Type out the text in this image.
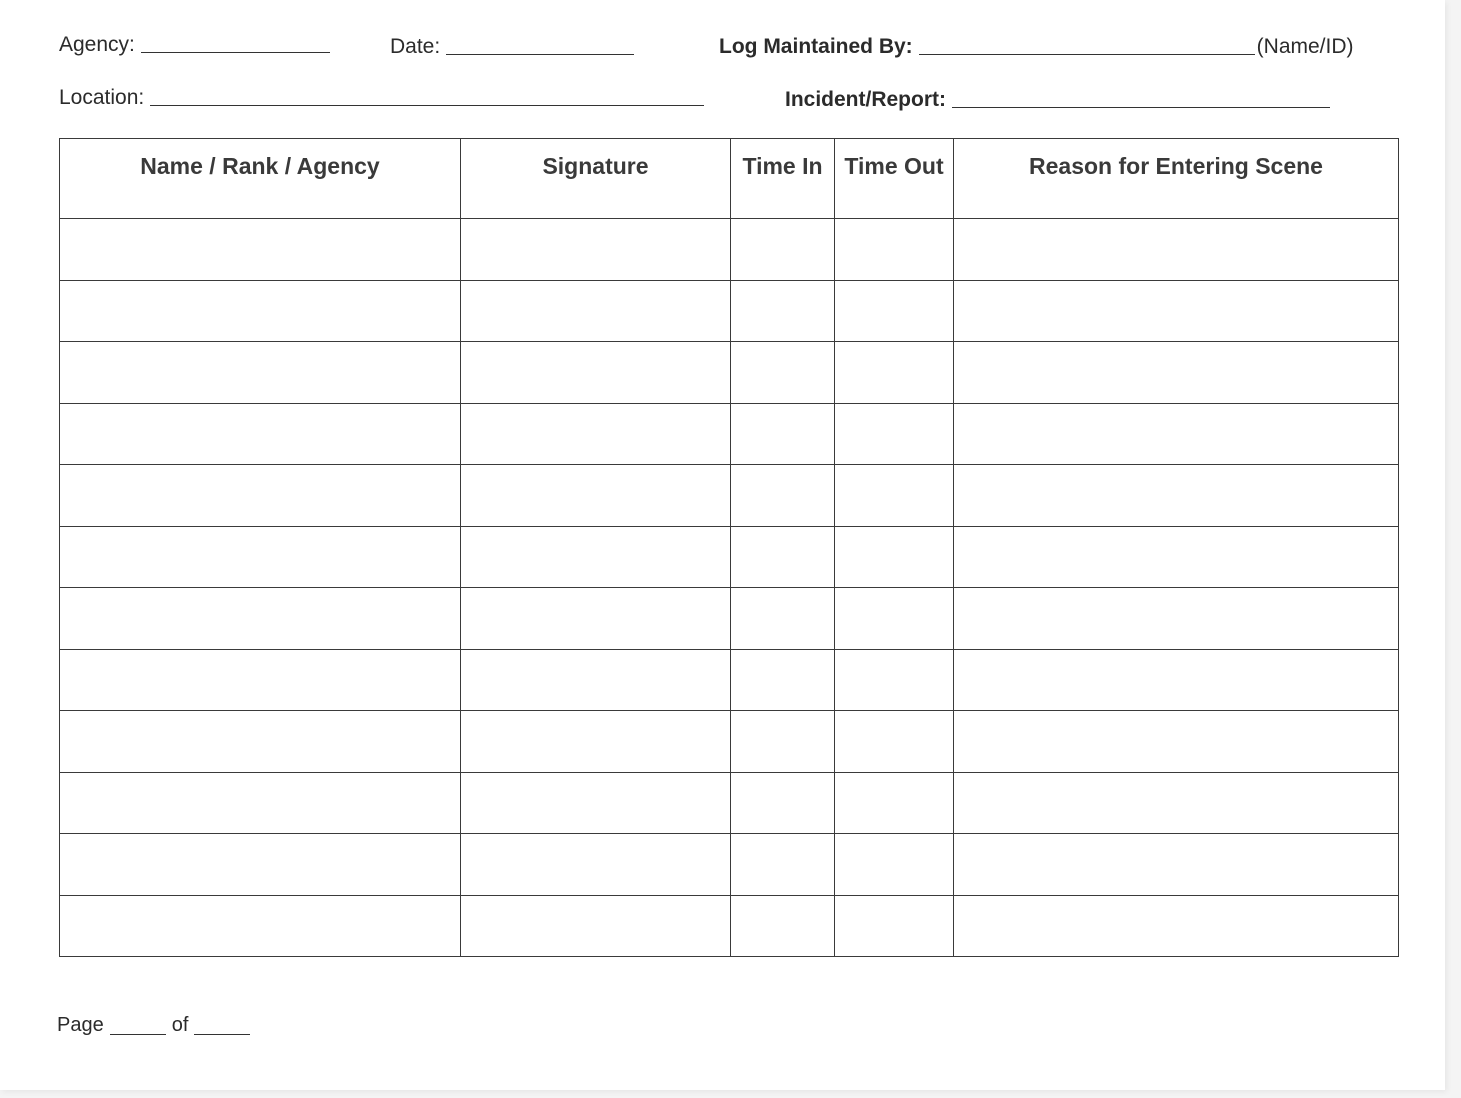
Agency:	Date:	Log Maintained By:	(Name/ID)
Location:	Incident/Report:
Name / Rank / Agency	Signature	Time In	Time Out	Reason for Entering Scene

Page	of
